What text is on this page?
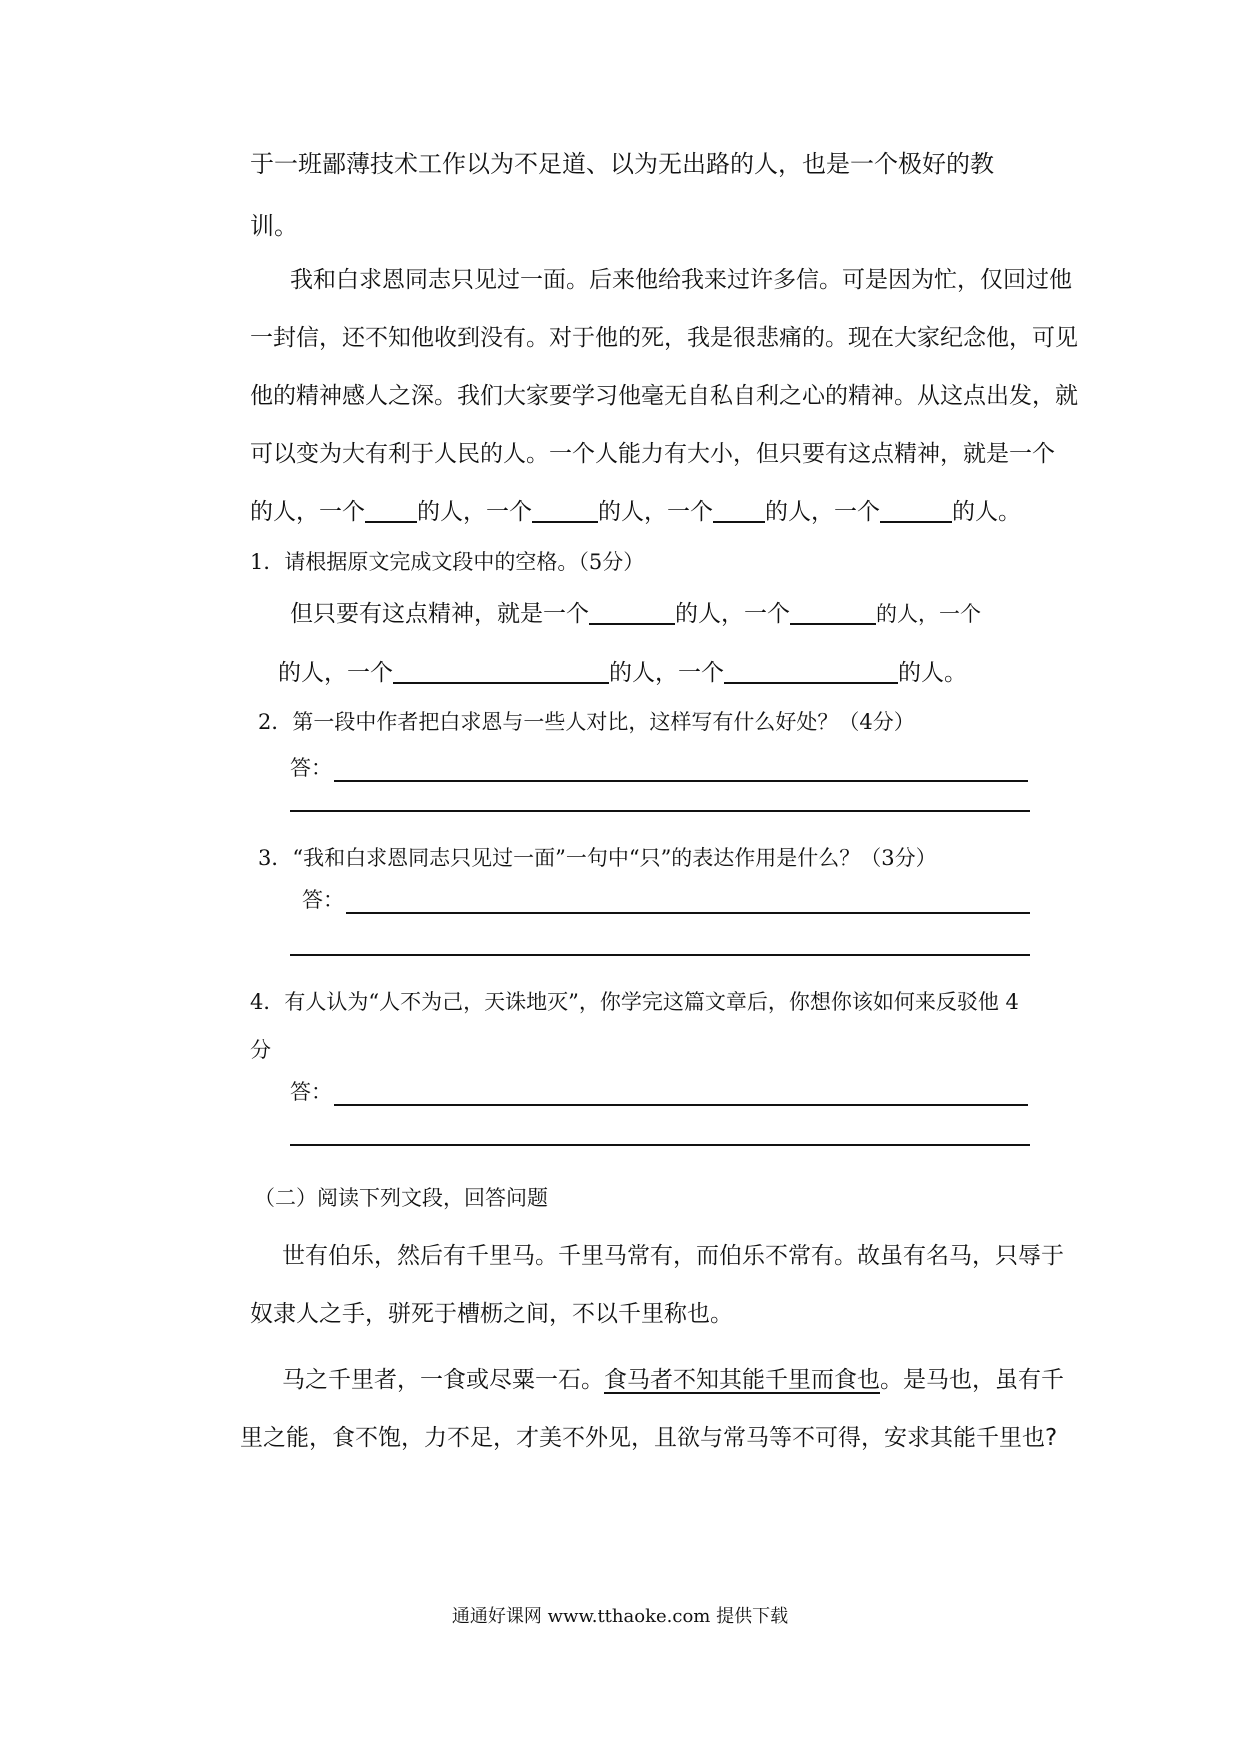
于一班鄙薄技术工作以为不足道、以为无出路的人，也是一个极好的教
训。
我和白求恩同志只见过一面。后来他给我来过许多信。可是因为忙，仅回过他
一封信，还不知他收到没有。对于他的死，我是很悲痛的。现在大家纪念他，可见
他的精神感人之深。我们大家要学习他毫无自私自利之心的精神。从这点出发，就
可以变为大有利于人民的人。一个人能力有大小，但只要有这点精神，就是一个
的人，一个 的人，一个	的人，一个 的人，一个	的人。
1．请根据原文完成文段中的空格。（5分）
但只要有这点精神，就是一个	的人，一个	的人，一个
的人，一个	的人，一个	的人。
2．第一段中作者把白求恩与一些人对比，这样写有什么好处？（4分）
答：
3．“我和白求恩同志只见过一面”一句中“只”的表达作用是什么？（3分）
答：
4．有人认为“人不为己，天诛地灭”，你学完这篇文章后，你想你该如何来反驳他 4
分
答：
（二）阅读下列文段，回答问题
世有伯乐，然后有千里马。千里马常有，而伯乐不常有。故虽有名马，只辱于
奴隶人之手，骈死于槽枥之间，不以千里称也。
马之千里者，一食或尽粟一石。食马者不知其能千里而食也。是马也，虽有千
里之能，食不饱，力不足，才美不外见，且欲与常马等不可得，安求其能千里也?
通通好课网 www.tthaoke.com 提供下载
